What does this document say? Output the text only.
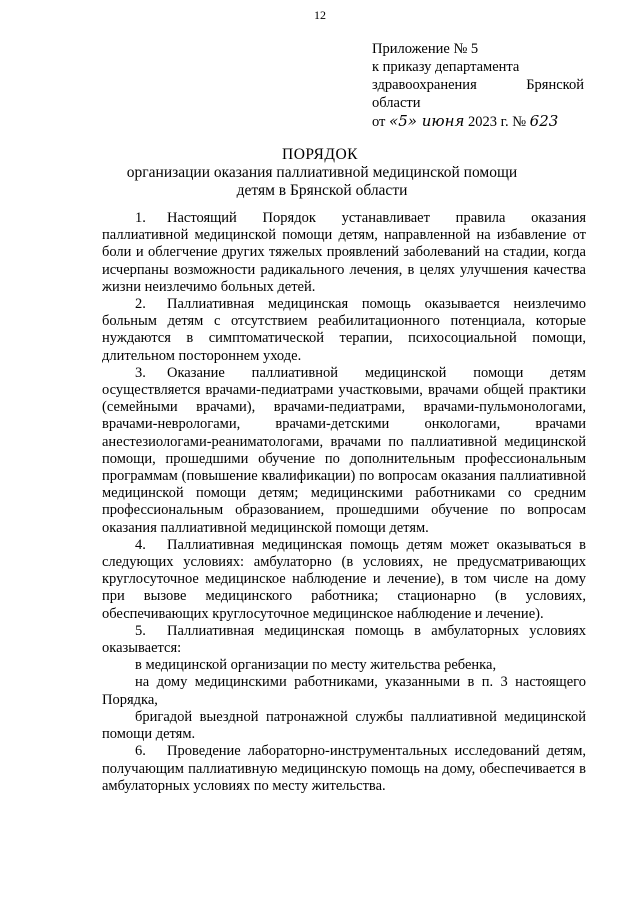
12
Приложение № 5
к приказу департамента
здравоохранения	Брянской
области
от «5» июня 2023 г. № 623
ПОРЯДОК
организации оказания паллиативной медицинской помощи детям в Брянской области

1. Настоящий Порядок устанавливает правила оказания паллиативной медицинской помощи детям, направленной на избавление от боли и облегчение других тяжелых проявлений заболеваний на стадии, когда исчерпаны возможности радикального лечения, в целях улучшения качества жизни неизлечимо больных детей.

2. Паллиативная медицинская помощь оказывается неизлечимо больным детям с отсутствием реабилитационного потенциала, которые нуждаются в симптоматической терапии, психосоциальной помощи, длительном постороннем уходе.

3. Оказание паллиативной медицинской помощи детям осуществляется врачами-педиатрами участковыми, врачами общей практики (семейными врачами), врачами-педиатрами, врачами-пульмонологами, врачами-неврологами, врачами-детскими онкологами, врачами анестезиологами-реаниматологами, врачами по паллиативной медицинской помощи, прошедшими обучение по дополнительным профессиональным программам (повышение квалификации) по вопросам оказания паллиативной медицинской помощи детям; медицинскими работниками со средним профессиональным образованием, прошедшими обучение по вопросам оказания паллиативной медицинской помощи детям.

4. Паллиативная медицинская помощь детям может оказываться в следующих условиях: амбулаторно (в условиях, не предусматривающих круглосуточное медицинское наблюдение и лечение), в том числе на дому при вызове медицинского работника; стационарно (в условиях, обеспечивающих круглосуточное медицинское наблюдение и лечение).

5. Паллиативная медицинская помощь в амбулаторных условиях оказывается:

в медицинской организации по месту жительства ребенка,

на дому медицинскими работниками, указанными в п. 3 настоящего Порядка,

бригадой выездной патронажной службы паллиативной медицинской помощи детям.

6. Проведение лабораторно-инструментальных исследований детям, получающим паллиативную медицинскую помощь на дому, обеспечивается в амбулаторных условиях по месту жительства.
